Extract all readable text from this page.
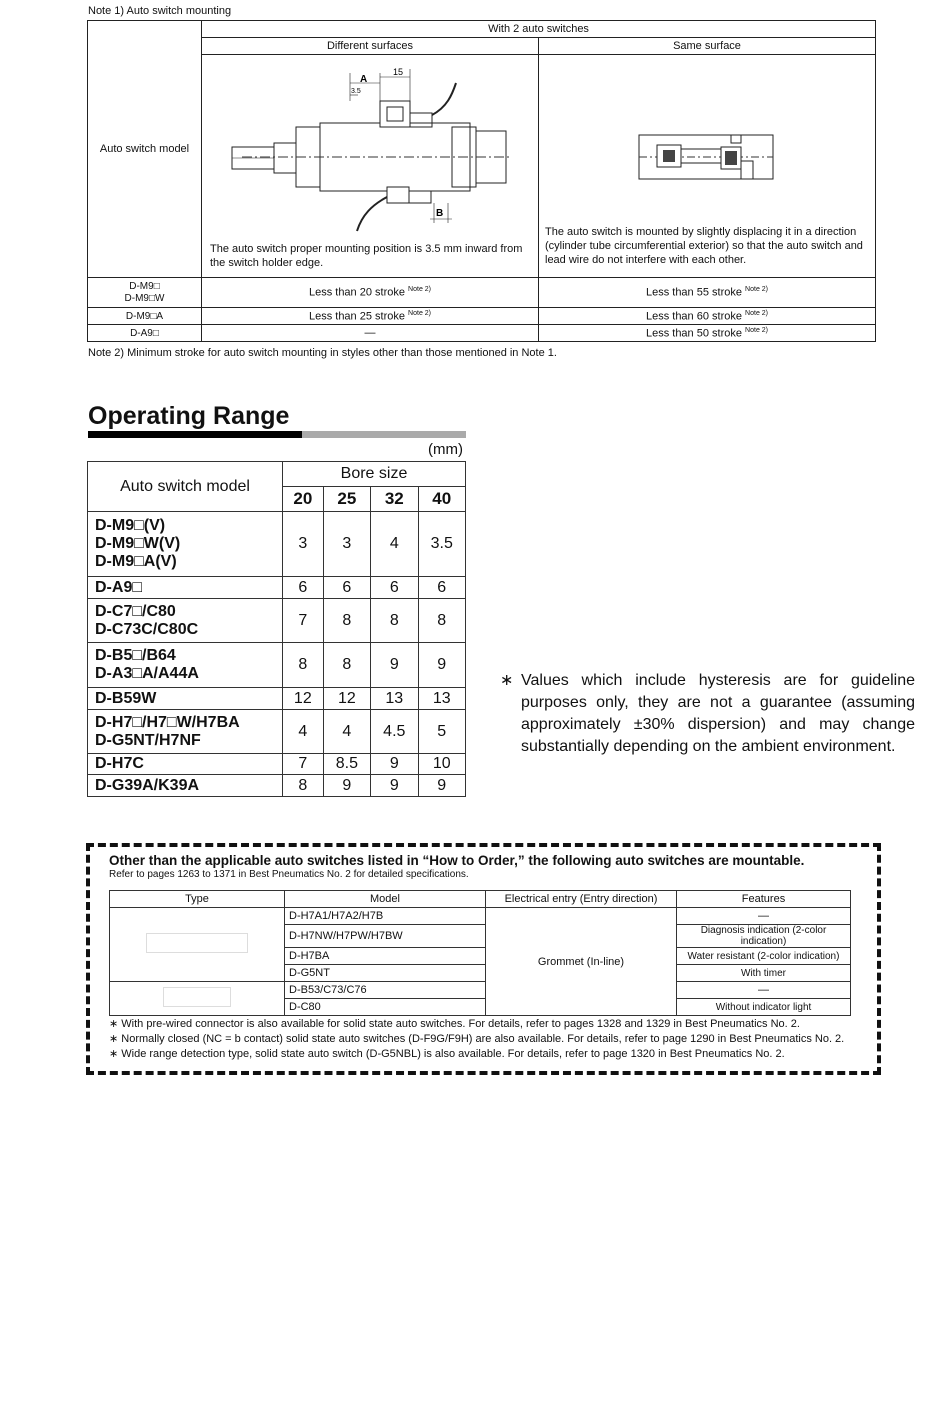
Note 1) Auto switch mounting
Auto switch model	With 2 auto switches	
	Different surfaces	Same surface

A
15
3.5
B
The auto switch proper mounting position is 3.5 mm inward from the switch holder edge.	The auto switch is mounted by slightly displacing it in a direction (cylinder tube circumferential exterior) so that the auto switch and lead wire do not interfere with each other.

D-M9□
D-M9□W	Less than 20 stroke $^{Note 2)}$	Less than 55 stroke $^{Note 2)}$
D-M9□A	Less than 25 stroke $^{Note 2)}$	Less than 60 stroke $^{Note 2)}$
D-A9□	—	Less than 50 stroke $^{Note 2)}$
Note 2) Minimum stroke for auto switch mounting in styles other than those mentioned in Note 1.
Operating Range
(mm)
Auto switch model	Bore size			
	20	25	32	40
D-M9□(V)
D-M9□W(V)
D-M9□A(V)	3	3	4	3.5
D-A9□	6	6	6	6
D-C7□/C80
D-C73C/C80C	7	8	8	8
D-B5□/B64
D-A3□A/A44A	8	8	9	9
D-B59W	12	12	13	13
D-H7□/H7□W/H7BA
D-G5NT/H7NF	4	4	4.5	5
D-H7C	7	8.5	9	10
D-G39A/K39A	8	9	9	9
∗ Values which include hysteresis are for guideline purposes only, they are not a guarantee (assuming approximately ±30% dispersion) and may change substantially depending on the ambient environment.
Other than the applicable auto switches listed in “How to Order,” the following auto switches are mountable.
Refer to pages 1263 to 1371 in Best Pneumatics No. 2 for detailed specifications.
Type	Model	Electrical entry (Entry direction)	Features
	D-H7A1/H7A2/H7B	Grommet (In-line)	—
	D-H7NW/H7PW/H7BW		Diagnosis indication (2-color indication)
	D-H7BA		Water resistant (2-color indication)
	D-G5NT		With timer
	D-B53/C73/C76		—
	D-C80		Without indicator light
∗ With pre-wired connector is also available for solid state auto switches. For details, refer to pages 1328 and 1329 in Best Pneumatics No. 2.
∗ Normally closed (NC = b contact) solid state auto switches (D-F9G/F9H) are also available. For details, refer to page 1290 in Best Pneumatics No. 2.
∗ Wide range detection type, solid state auto switch (D-G5NBL) is also available. For details, refer to page 1320 in Best Pneumatics No. 2.
